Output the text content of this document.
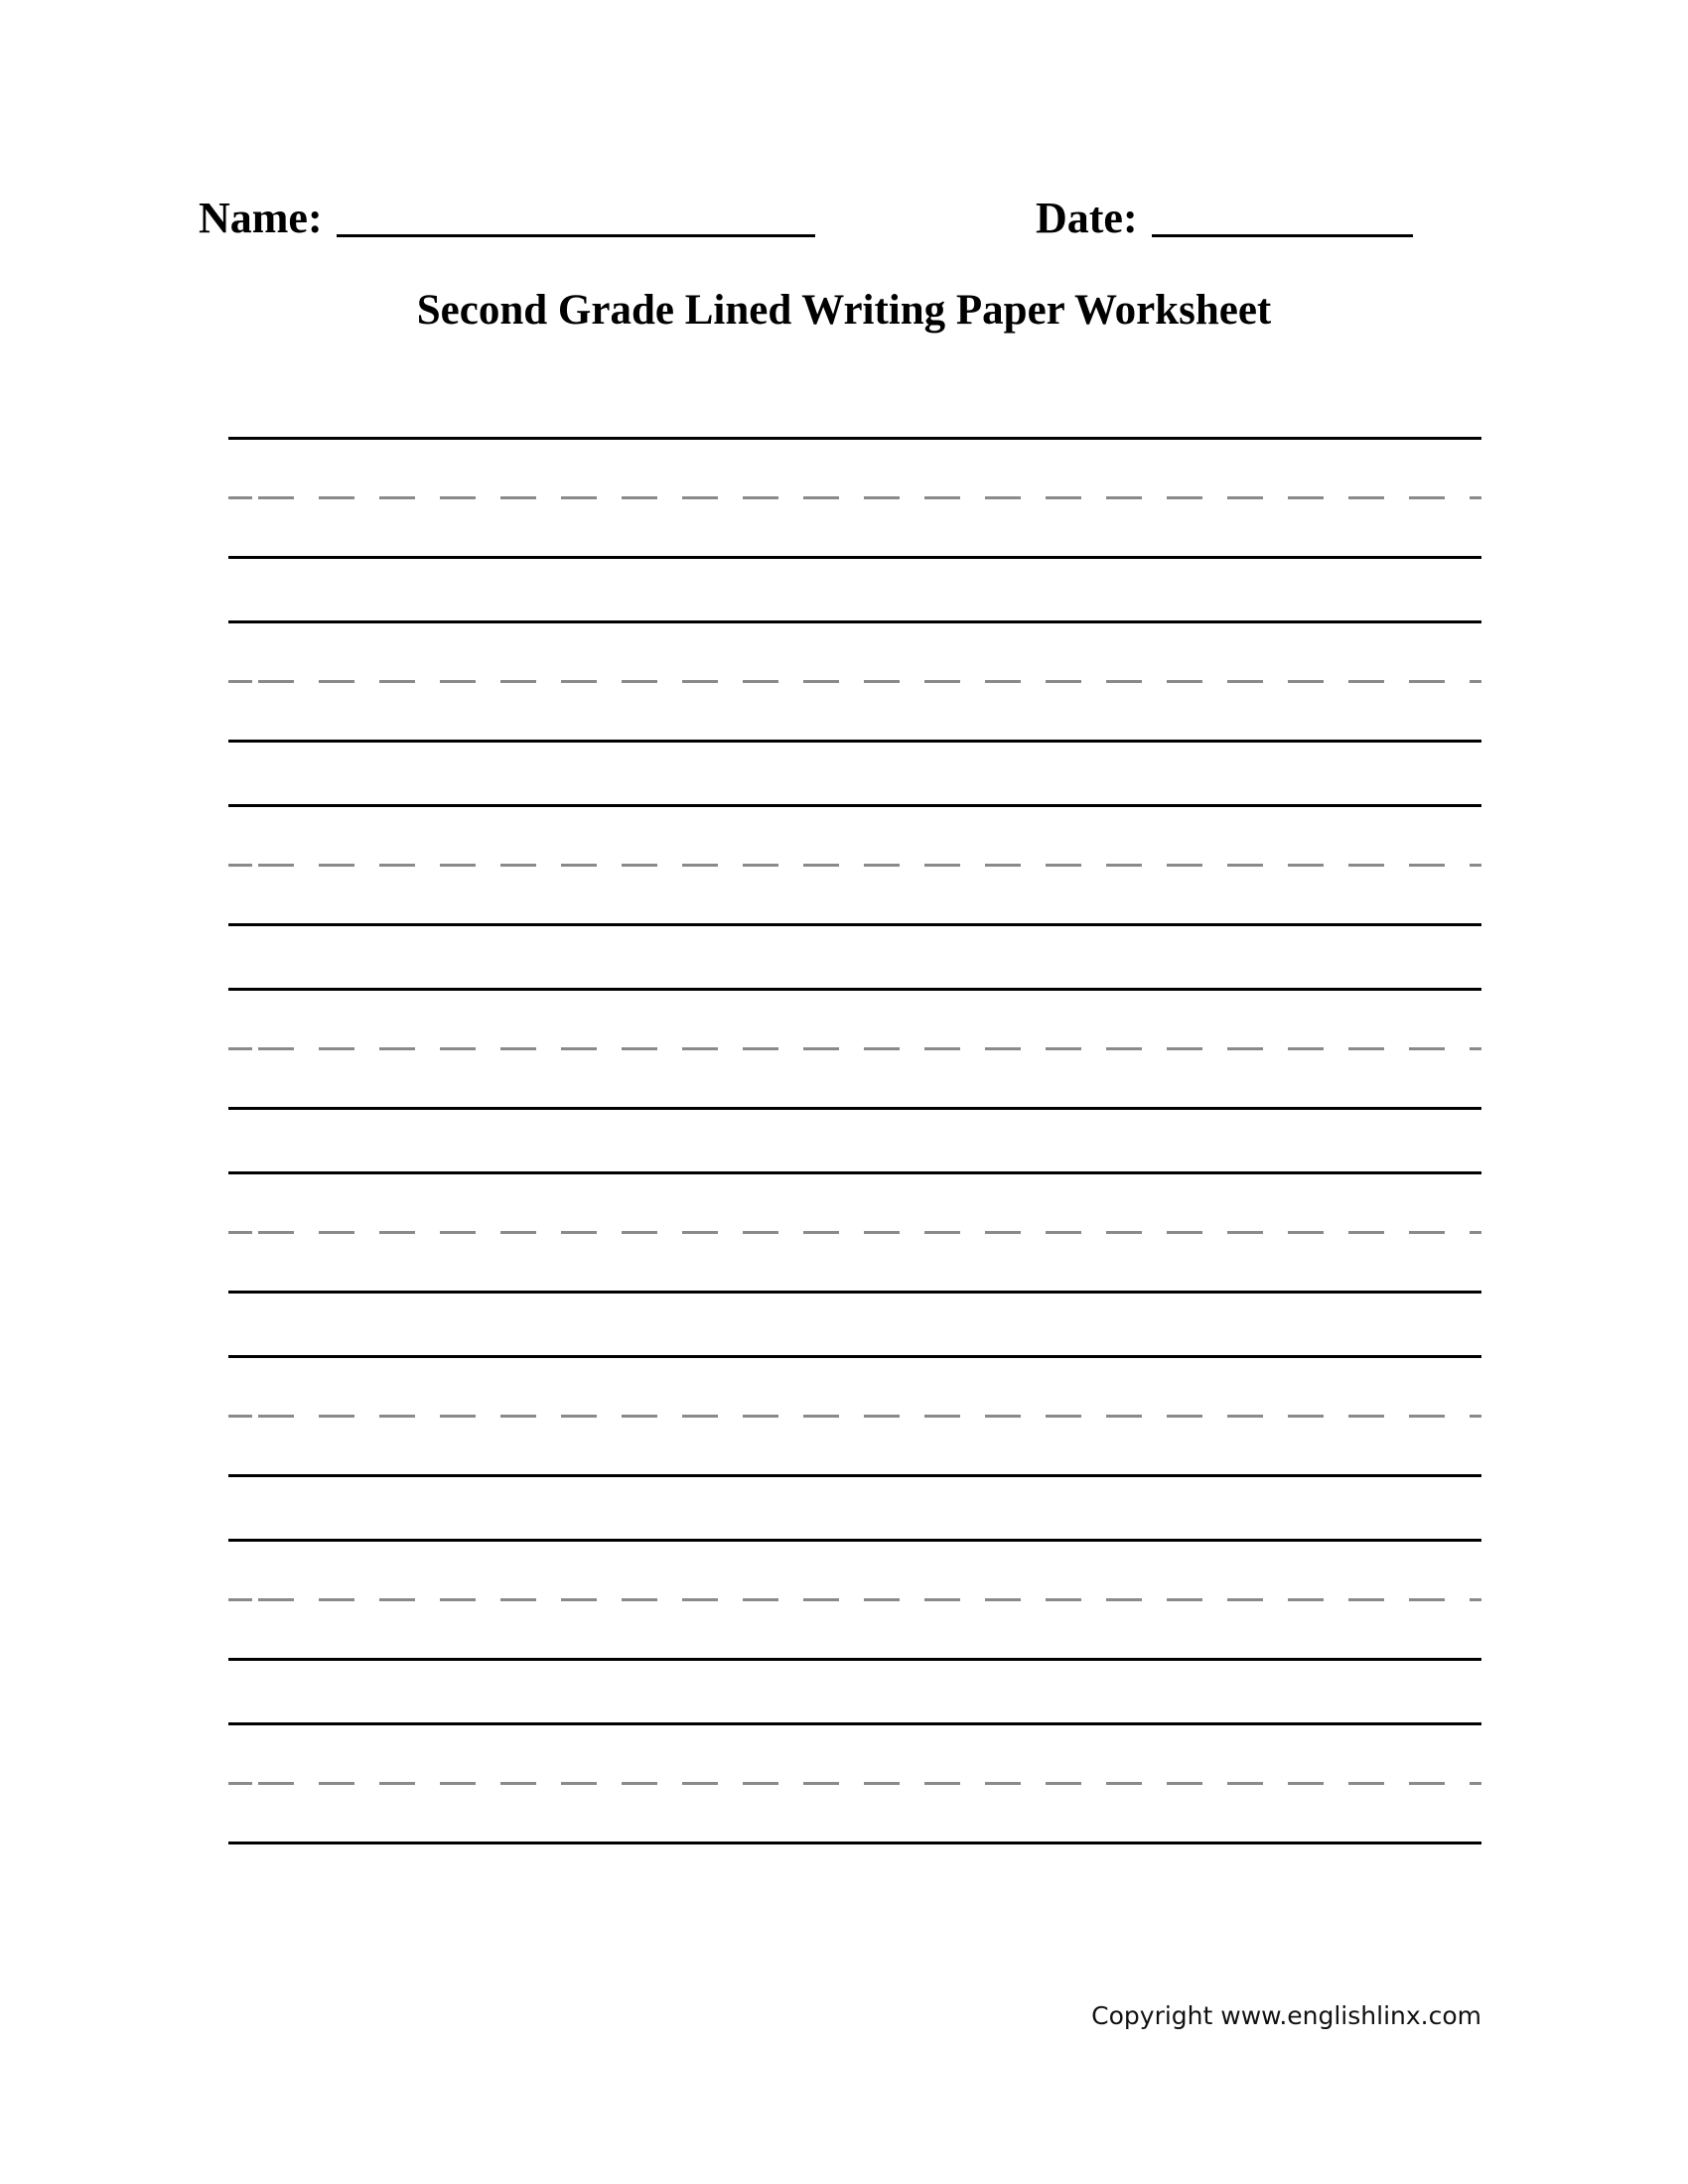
Name:	Date:
Second Grade Lined Writing Paper Worksheet
Copyright www.englishlinx.com
